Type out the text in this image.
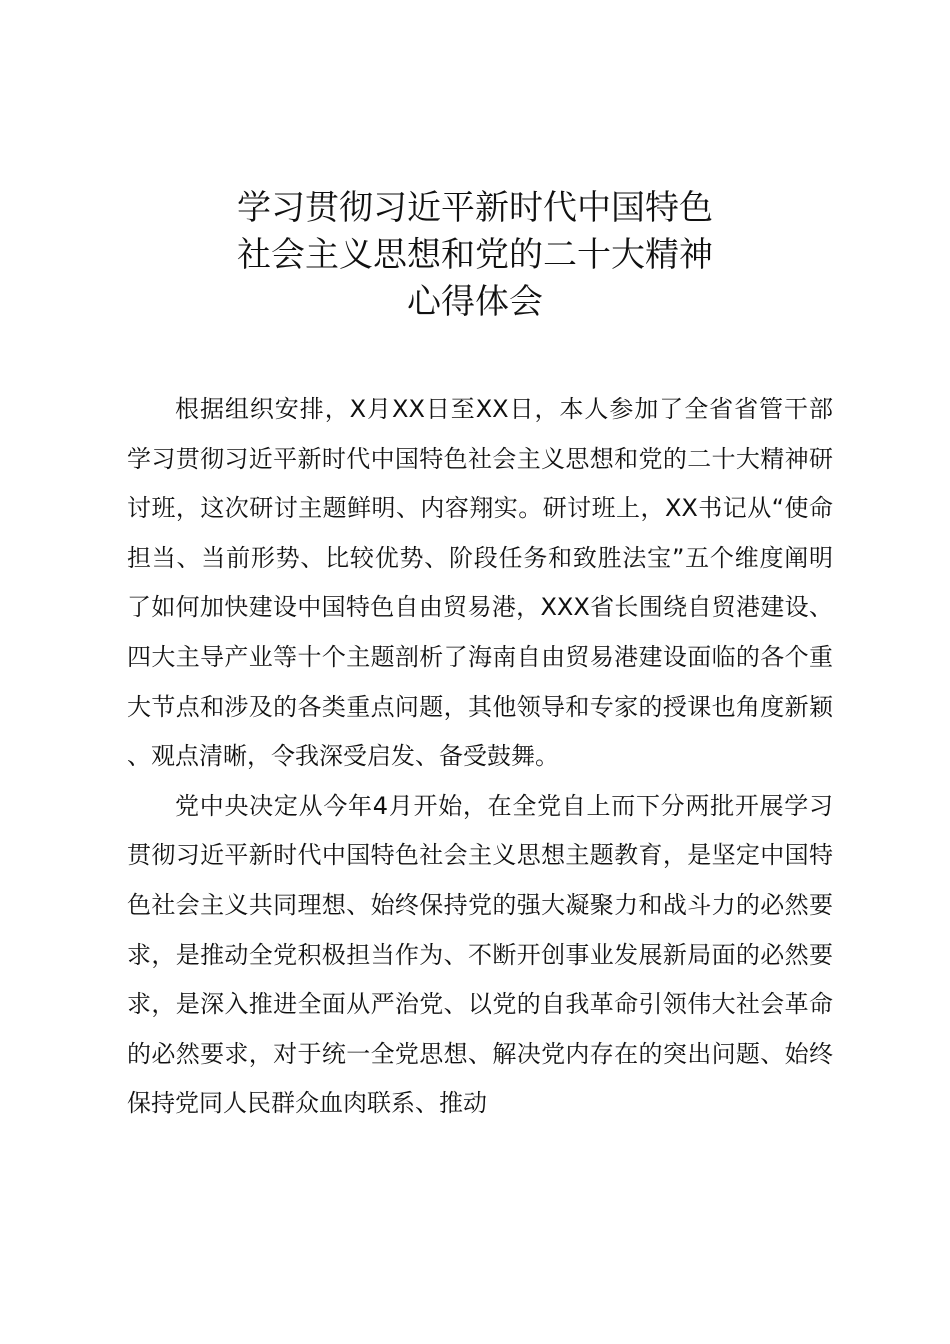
学习贯彻习近平新时代中国特色
社会主义思想和党的二十大精神
心得体会

根据组织安排，X月XX日至XX日，本人参加了全省省管干部学习贯彻习近平新时代中国特色社会主义思想和党的二十大精神研讨班，这次研讨主题鲜明、内容翔实。研讨班上，XX书记从“使命担当、当前形势、比较优势、阶段任务和致胜法宝”五个维度阐明了如何加快建设中国特色自由贸易港，XXX省长围绕自贸港建设、四大主导产业等十个主题剖析了海南自由贸易港建设面临的各个重大节点和涉及的各类重点问题，其他领导和专家的授课也角度新颖、观点清晰，令我深受启发、备受鼓舞。

党中央决定从今年4月开始，在全党自上而下分两批开展学习贯彻习近平新时代中国特色社会主义思想主题教育，是坚定中国特色社会主义共同理想、始终保持党的强大凝聚力和战斗力的必然要求，是推动全党积极担当作为、不断开创事业发展新局面的必然要求，是深入推进全面从严治党、以党的自我革命引领伟大社会革命的必然要求，对于统一全党思想、解决党内存在的突出问题、始终保持党同人民群众血肉联系、推动
